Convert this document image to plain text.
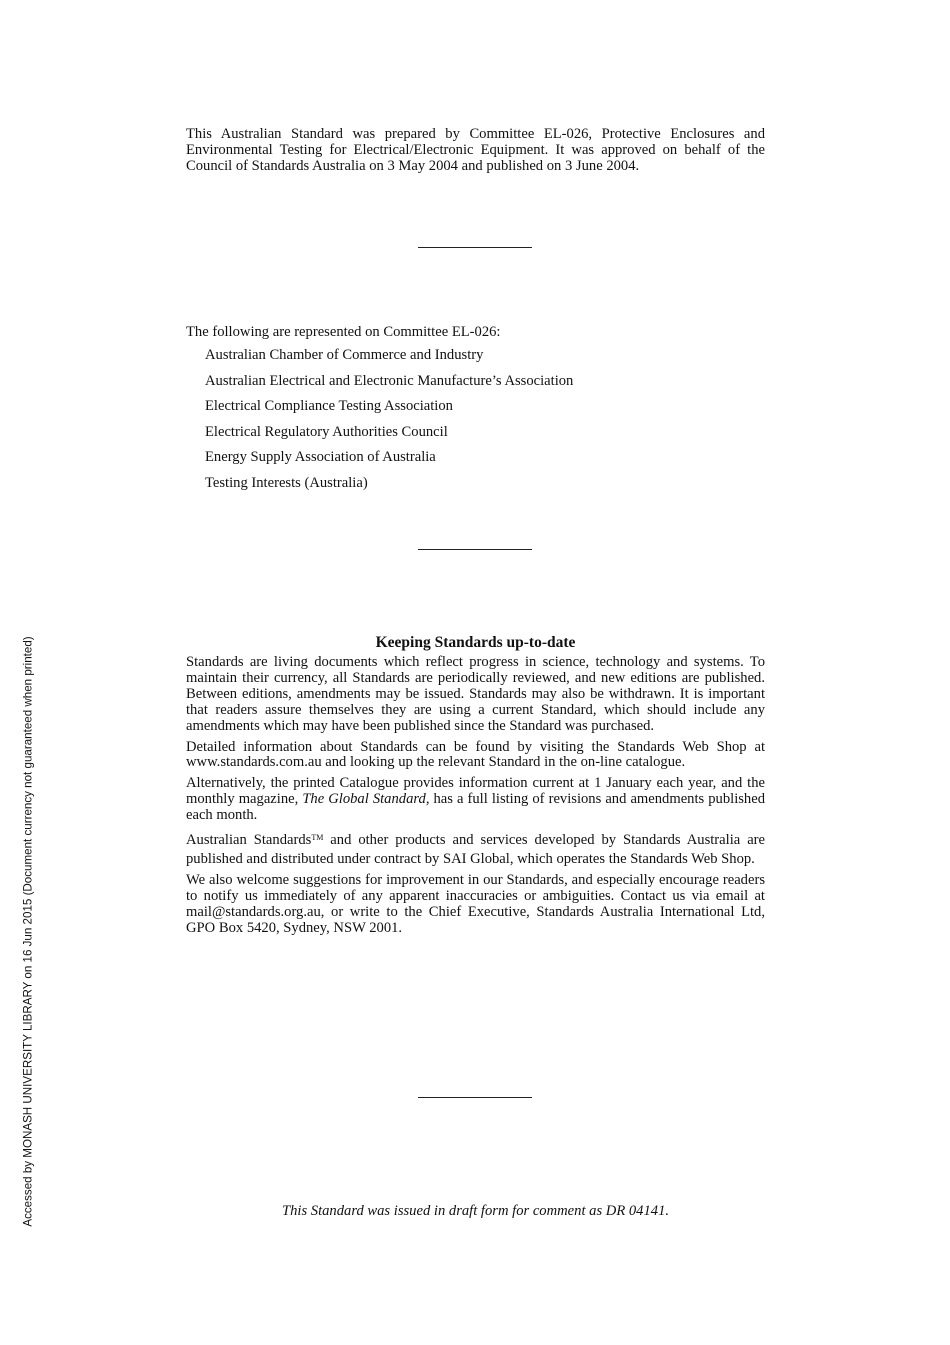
Accessed by MONASH UNIVERSITY LIBRARY on 16 Jun 2015 (Document currency not guaranteed when printed)

This Australian Standard was prepared by Committee EL-026, Protective Enclosures and Environmental Testing for Electrical/Electronic Equipment. It was approved on behalf of the Council of Standards Australia on 3 May 2004 and published on 3 June 2004.

The following are represented on Committee EL-026:

Australian Chamber of Commerce and Industry
Australian Electrical and Electronic Manufacture’s Association
Electrical Compliance Testing Association
Electrical Regulatory Authorities Council
Energy Supply Association of Australia
Testing Interests (Australia)
Keeping Standards up-to-date

Standards are living documents which reflect progress in science, technology and systems. To maintain their currency, all Standards are periodically reviewed, and new editions are published. Between editions, amendments may be issued. Standards may also be withdrawn. It is important that readers assure themselves they are using a current Standard, which should include any amendments which may have been published since the Standard was purchased.

Detailed information about Standards can be found by visiting the Standards Web Shop at www.standards.com.au and looking up the relevant Standard in the on-line catalogue.

Alternatively, the printed Catalogue provides information current at 1 January each year, and the monthly magazine, The Global Standard, has a full listing of revisions and amendments published each month.

Australian Standards™ and other products and services developed by Standards Australia are published and distributed under contract by SAI Global, which operates the Standards Web Shop.

We also welcome suggestions for improvement in our Standards, and especially encourage readers to notify us immediately of any apparent inaccuracies or ambiguities. Contact us via email at mail@standards.org.au, or write to the Chief Executive, Standards Australia International Ltd, GPO Box 5420, Sydney, NSW 2001.

This Standard was issued in draft form for comment as DR 04141.
